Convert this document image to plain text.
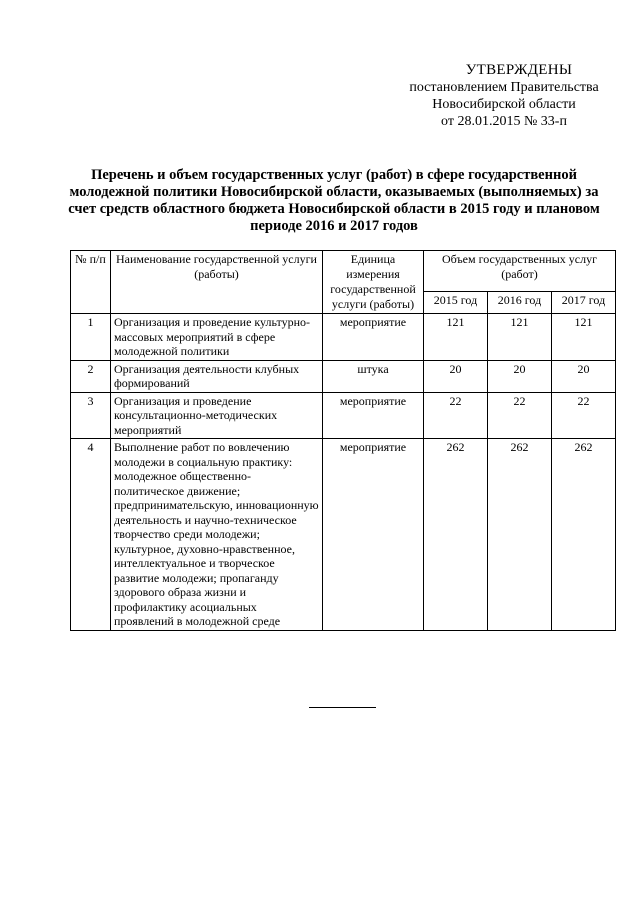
УТВЕРЖДЕНЫ
постановлением Правительства
Новосибирской области
от 28.01.2015 № 33-п
Перечень и объем государственных услуг (работ) в сфере государственной молодежной политики Новосибирской области, оказываемых (выполняемых) за счет средств областного бюджета Новосибирской области в 2015 году и плановом периоде 2016 и 2017 годов
№ п/п	Наименование государственной услуги (работы)	Единица измерения государственной услуги (работы)	Объем государственных услуг (работ)		
			2015 год	2016 год	2017 год
1	Организация и проведение культурно-массовых мероприятий в сфере молодежной политики	мероприятие	121	121	121
2	Организация деятельности клубных формирований	штука	20	20	20
3	Организация и проведение консультационно-методических мероприятий	мероприятие	22	22	22
4	Выполнение работ по вовлечению молодежи в социальную практику: молодежное общественно-политическое движение; предпринимательскую, инновационную деятельность и научно-техническое творчество среди молодежи; культурное, духовно-нравственное, интеллектуальное и творческое развитие молодежи; пропаганду здорового образа жизни и профилактику асоциальных проявлений в молодежной среде	мероприятие	262	262	262
